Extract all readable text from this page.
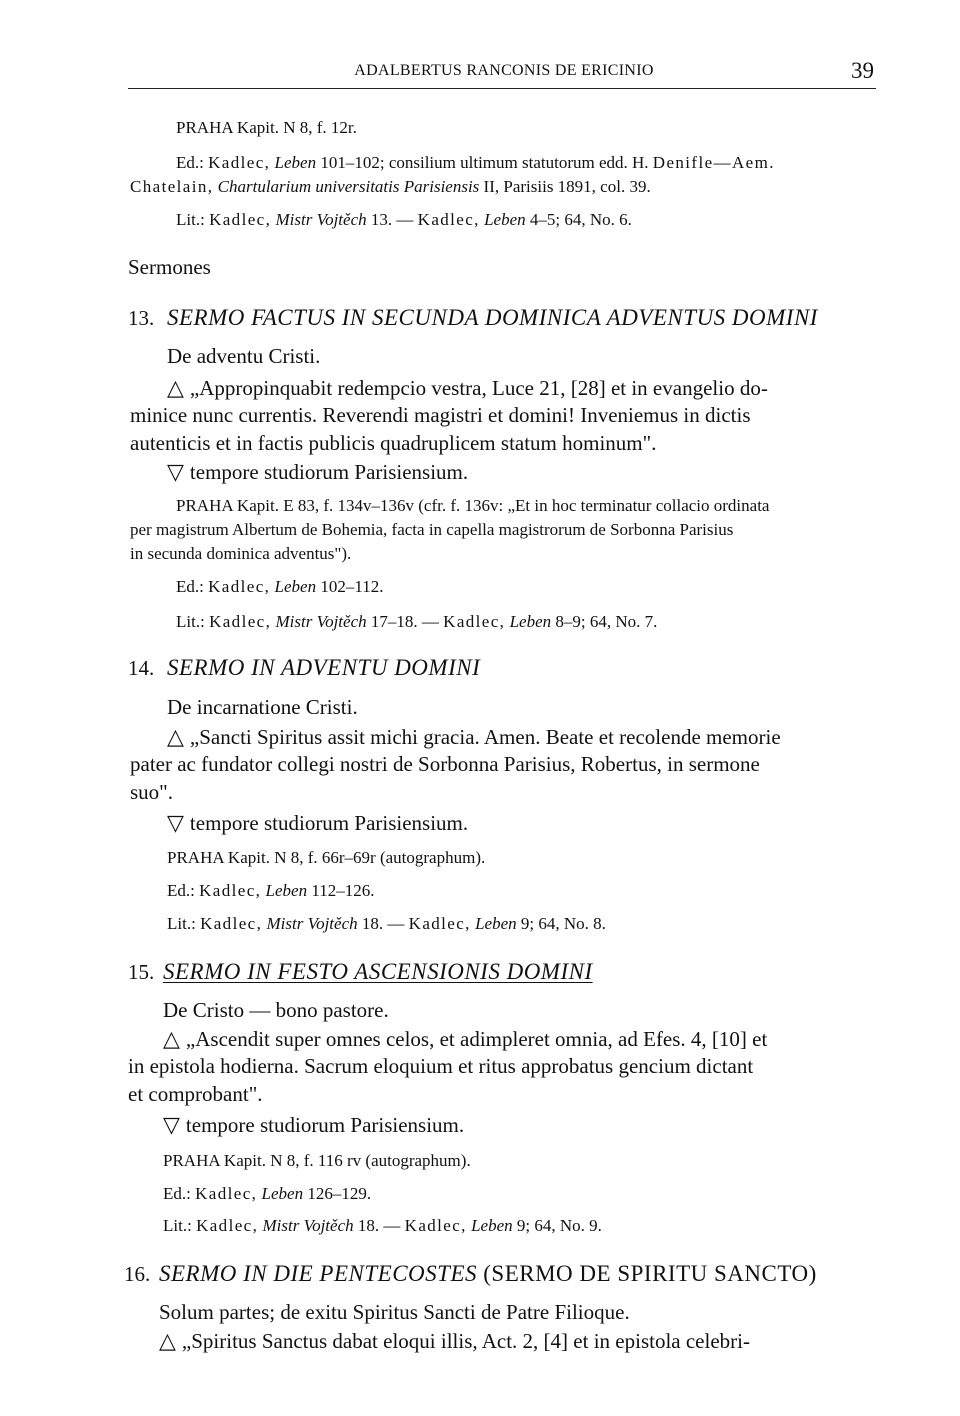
ADALBERTUS RANCONIS DE ERICINIO	39
PRAHA Kapit. N 8, f. 12r.
Ed.: Kadlec, Leben 101–102; consilium ultimum statutorum edd. H. Denifle—Aem.
Chatelain, Chartularium universitatis Parisiensis II, Parisiis 1891, col. 39.
Lit.: Kadlec, Mistr Vojtěch 13. — Kadlec, Leben 4–5; 64, No. 6.
Sermones
13. SERMO FACTUS IN SECUNDA DOMINICA ADVENTUS DOMINI
De adventu Cristi.
△ „Appropinquabit redempcio vestra, Luce 21, [28] et in evangelio do-
minice nunc currentis. Reverendi magistri et domini! Inveniemus in dictis
autenticis et in factis publicis quadruplicem statum hominum".
▽ tempore studiorum Parisiensium.
PRAHA Kapit. E 83, f. 134v–136v (cfr. f. 136v: „Et in hoc terminatur collacio ordinata
per magistrum Albertum de Bohemia, facta in capella magistrorum de Sorbonna Parisius
in secunda dominica adventus").
Ed.: Kadlec, Leben 102–112.
Lit.: Kadlec, Mistr Vojtěch 17–18. — Kadlec, Leben 8–9; 64, No. 7.
14. SERMO IN ADVENTU DOMINI
De incarnatione Cristi.
△ „Sancti Spiritus assit michi gracia. Amen. Beate et recolende memorie
pater ac fundator collegi nostri de Sorbonna Parisius, Robertus, in sermone
suo".
▽ tempore studiorum Parisiensium.
PRAHA Kapit. N 8, f. 66r–69r (autographum).
Ed.: Kadlec, Leben 112–126.
Lit.: Kadlec, Mistr Vojtěch 18. — Kadlec, Leben 9; 64, No. 8.
15. SERMO IN FESTO ASCENSIONIS DOMINI
De Cristo — bono pastore.
△ „Ascendit super omnes celos, et adimpleret omnia, ad Efes. 4, [10] et
in epistola hodierna. Sacrum eloquium et ritus approbatus gencium dictant
et comprobant".
▽ tempore studiorum Parisiensium.
PRAHA Kapit. N 8, f. 116 rv (autographum).
Ed.: Kadlec, Leben 126–129.
Lit.: Kadlec, Mistr Vojtěch 18. — Kadlec, Leben 9; 64, No. 9.
16. SERMO IN DIE PENTECOSTES (SERMO DE SPIRITU SANCTO)
Solum partes; de exitu Spiritus Sancti de Patre Filioque.
△ „Spiritus Sanctus dabat eloqui illis, Act. 2, [4] et in epistola celebri-
